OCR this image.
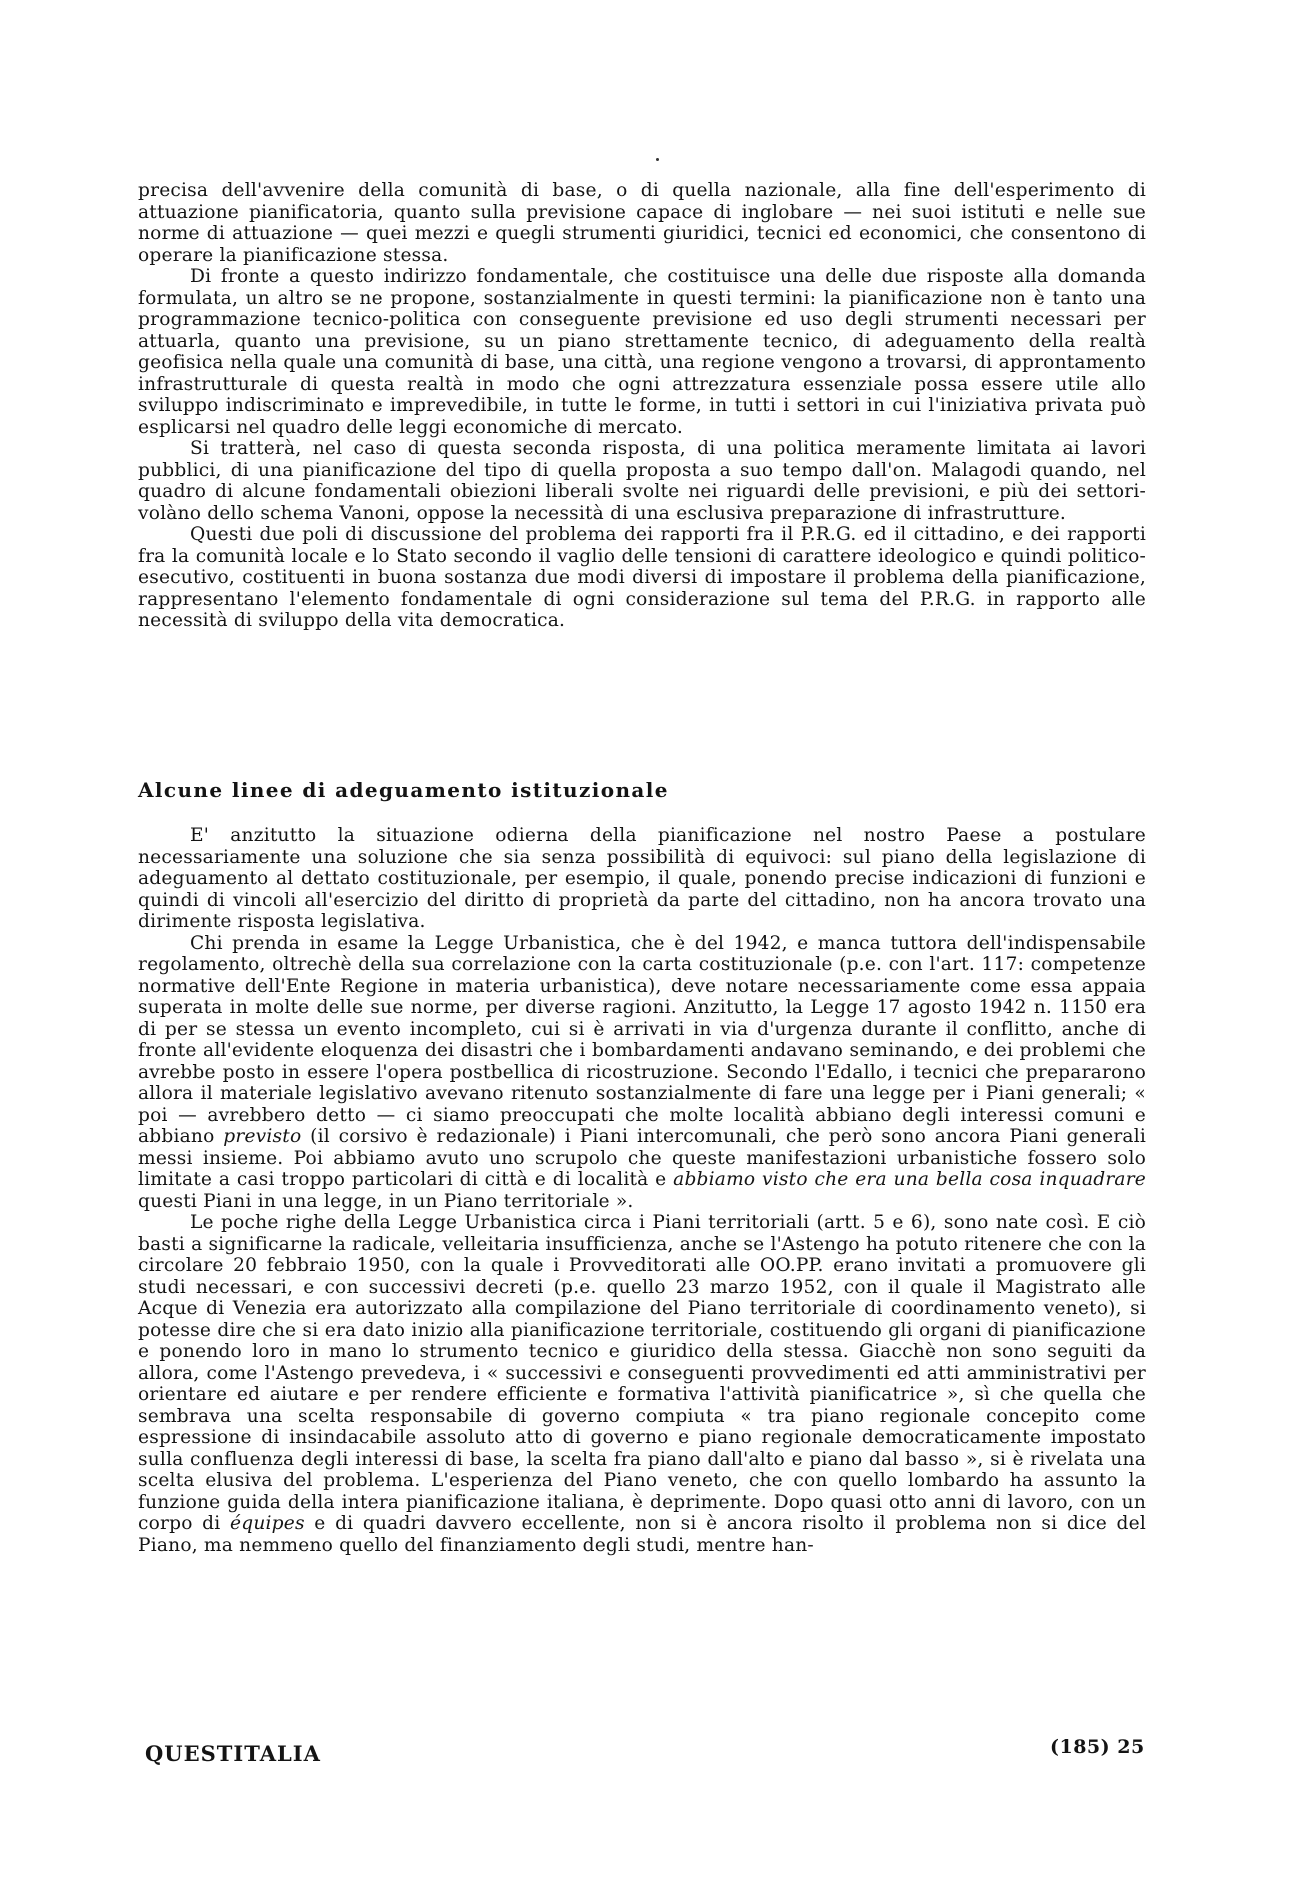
precisa dell'avvenire della comunità di base, o di quella nazionale, alla fine dell'esperimento di attuazione pianificatoria, quanto sulla previsione capace di inglobare — nei suoi istituti e nelle sue norme di attuazione — quei mezzi e quegli strumenti giuridici, tecnici ed economici, che consentono di operare la pianificazione stessa.

Di fronte a questo indirizzo fondamentale, che costituisce una delle due risposte alla domanda formulata, un altro se ne propone, sostanzialmente in questi termini: la pianificazione non è tanto una programmazione tecnico-politica con conseguente previsione ed uso degli strumenti necessari per attuarla, quanto una previsione, su un piano strettamente tecnico, di adeguamento della realtà geofisica nella quale una comunità di base, una città, una regione vengono a trovarsi, di approntamento infrastrutturale di questa realtà in modo che ogni attrezzatura essenziale possa essere utile allo sviluppo indiscriminato e imprevedibile, in tutte le forme, in tutti i settori in cui l'iniziativa privata può esplicarsi nel quadro delle leggi economiche di mercato.

Si tratterà, nel caso di questa seconda risposta, di una politica meramente limitata ai lavori pubblici, di una pianificazione del tipo di quella proposta a suo tempo dall'on. Malagodi quando, nel quadro di alcune fondamentali obiezioni liberali svolte nei riguardi delle previsioni, e più dei settori-volàno dello schema Vanoni, oppose la necessità di una esclusiva preparazione di infrastrutture.

Questi due poli di discussione del problema dei rapporti fra il P.R.G. ed il cittadino, e dei rapporti fra la comunità locale e lo Stato secondo il vaglio delle tensioni di carattere ideologico e quindi politico-esecutivo, costituenti in buona sostanza due modi diversi di impostare il problema della pianificazione, rappresentano l'elemento fondamentale di ogni considerazione sul tema del P.R.G. in rapporto alle necessità di sviluppo della vita democratica.

Alcune linee di adeguamento istituzionale

E' anzitutto la situazione odierna della pianificazione nel nostro Paese a postulare necessariamente una soluzione che sia senza possibilità di equivoci: sul piano della legislazione di adeguamento al dettato costituzionale, per esempio, il quale, ponendo precise indicazioni di funzioni e quindi di vincoli all'esercizio del diritto di proprietà da parte del cittadino, non ha ancora trovato una dirimente risposta legislativa.

Chi prenda in esame la Legge Urbanistica, che è del 1942, e manca tuttora dell'indispensabile regolamento, oltrechè della sua correlazione con la carta costituzionale (p.e. con l'art. 117: competenze normative dell'Ente Regione in materia urbanistica), deve notare necessariamente come essa appaia superata in molte delle sue norme, per diverse ragioni. Anzitutto, la Legge 17 agosto 1942 n. 1150 era di per se stessa un evento incompleto, cui si è arrivati in via d'urgenza durante il conflitto, anche di fronte all'evidente eloquenza dei disastri che i bombardamenti andavano seminando, e dei problemi che avrebbe posto in essere l'opera postbellica di ricostruzione. Secondo l'Edallo, i tecnici che prepararono allora il materiale legislativo avevano ritenuto sostanzialmente di fare una legge per i Piani generali; « poi — avrebbero detto — ci siamo preoccupati che molte località abbiano degli interessi comuni e abbiano previsto (il corsivo è redazionale) i Piani intercomunali, che però sono ancora Piani generali messi insieme. Poi abbiamo avuto uno scrupolo che queste manifestazioni urbanistiche fossero solo limitate a casi troppo particolari di città e di località e abbiamo visto che era una bella cosa inquadrare questi Piani in una legge, in un Piano territoriale ».

Le poche righe della Legge Urbanistica circa i Piani territoriali (artt. 5 e 6), sono nate così. E ciò basti a significarne la radicale, velleitaria insufficienza, anche se l'Astengo ha potuto ritenere che con la circolare 20 febbraio 1950, con la quale i Provveditorati alle OO.PP. erano invitati a promuovere gli studi necessari, e con successivi decreti (p.e. quello 23 marzo 1952, con il quale il Magistrato alle Acque di Venezia era autorizzato alla compilazione del Piano territoriale di coordinamento veneto), si potesse dire che si era dato inizio alla pianificazione territoriale, costituendo gli organi di pianificazione e ponendo loro in mano lo strumento tecnico e giuridico della stessa. Giacchè non sono seguiti da allora, come l'Astengo prevedeva, i « successivi e conseguenti provvedimenti ed atti amministrativi per orientare ed aiutare e per rendere efficiente e formativa l'attività pianificatrice », sì che quella che sembrava una scelta responsabile di governo compiuta « tra piano regionale concepito come espressione di insindacabile assoluto atto di governo e piano regionale democraticamente impostato sulla confluenza degli interessi di base, la scelta fra piano dall'alto e piano dal basso », si è rivelata una scelta elusiva del problema. L'esperienza del Piano veneto, che con quello lombardo ha assunto la funzione guida della intera pianificazione italiana, è deprimente. Dopo quasi otto anni di lavoro, con un corpo di équipes e di quadri davvero eccellente, non si è ancora risolto il problema non si dice del Piano, ma nemmeno quello del finanziamento degli studi, mentre han-

QUESTITALIA	(185) 25
